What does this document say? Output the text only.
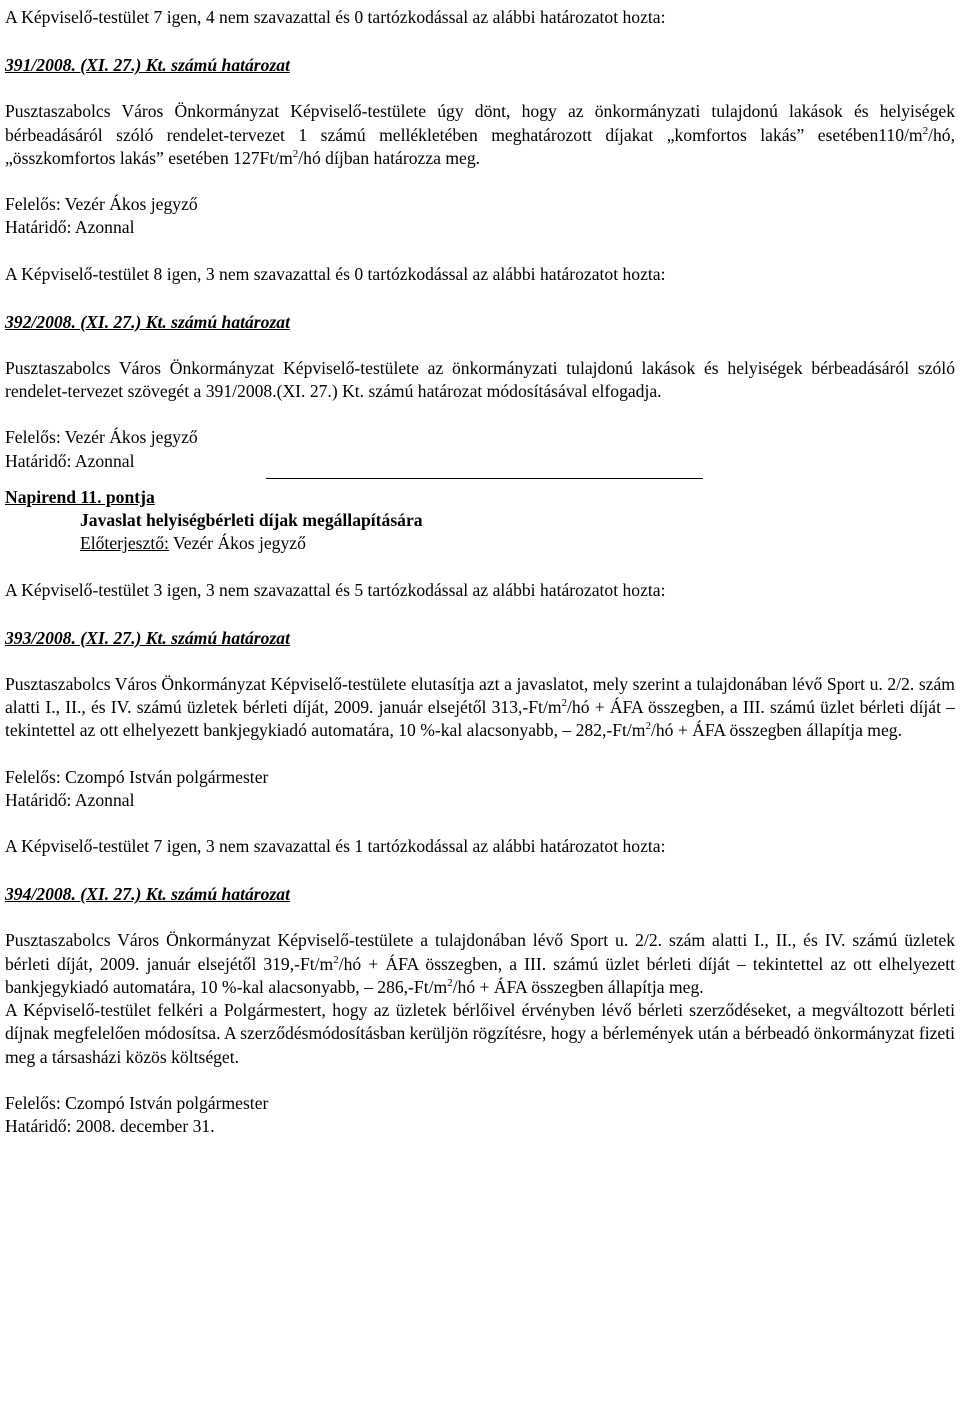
A Képviselő-testület 7 igen, 4 nem szavazattal és 0 tartózkodással az alábbi határozatot hozta:

391/2008. (XI. 27.) Kt. számú határozat

Pusztaszabolcs Város Önkormányzat Képviselő-testülete úgy dönt, hogy az önkormányzati tulajdonú lakások és helyiségek bérbeadásáról szóló rendelet-tervezet 1 számú mellékletében meghatározott díjakat „komfortos lakás” $esetében110/m^2/hó$, „összkomfortos lakás” esetében $127Ft/m^2/hó$ díjban határozza meg.

Felelős: Vezér Ákos jegyző

Határidő: Azonnal

A Képviselő-testület 8 igen, 3 nem szavazattal és 0 tartózkodással az alábbi határozatot hozta:

392/2008. (XI. 27.) Kt. számú határozat

Pusztaszabolcs Város Önkormányzat Képviselő-testülete az önkormányzati tulajdonú lakások és helyiségek bérbeadásáról szóló rendelet-tervezet szövegét a 391/2008.(XI. 27.) Kt. számú határozat módosításával elfogadja.

Felelős: Vezér Ákos jegyző

Határidő: Azonnal

Napirend 11. pontja

Javaslat helyiségbérleti díjak megállapítására

Előterjesztő: Vezér Ákos jegyző

A Képviselő-testület 3 igen, 3 nem szavazattal és 5 tartózkodással az alábbi határozatot hozta:

393/2008. (XI. 27.) Kt. számú határozat

Pusztaszabolcs Város Önkormányzat Képviselő-testülete elutasítja azt a javaslatot, mely szerint a tulajdonában lévő Sport u. 2/2. szám alatti I., II., és IV. számú üzletek bérleti díját, 2009. január elsejétől $313,-Ft/m^2/hó$ + ÁFA összegben, a III. számú üzlet bérleti díját – tekintettel az ott elhelyezett bankjegykiadó automatára, 10 %-kal alacsonyabb, – $282,-Ft/m^2/hó$ + ÁFA összegben állapítja meg.

Felelős: Czompó István polgármester

Határidő: Azonnal

A Képviselő-testület 7 igen, 3 nem szavazattal és 1 tartózkodással az alábbi határozatot hozta:

394/2008. (XI. 27.) Kt. számú határozat

Pusztaszabolcs Város Önkormányzat Képviselő-testülete a tulajdonában lévő Sport u. 2/2. szám alatti I., II., és IV. számú üzletek bérleti díját, 2009. január elsejétől $319,-Ft/m^2/hó$ + ÁFA összegben, a III. számú üzlet bérleti díját – tekintettel az ott elhelyezett bankjegykiadó automatára, 10 %-kal alacsonyabb, – $286,-Ft/m^2/hó$ + ÁFA összegben állapítja meg.

A Képviselő-testület felkéri a Polgármestert, hogy az üzletek bérlőivel érvényben lévő bérleti szerződéseket, a megváltozott bérleti díjnak megfelelően módosítsa. A szerződésmódosításban kerüljön rögzítésre, hogy a bérlemények után a bérbeadó önkormányzat fizeti meg a társasházi közös költséget.

Felelős: Czompó István polgármester

Határidő: 2008. december 31.
